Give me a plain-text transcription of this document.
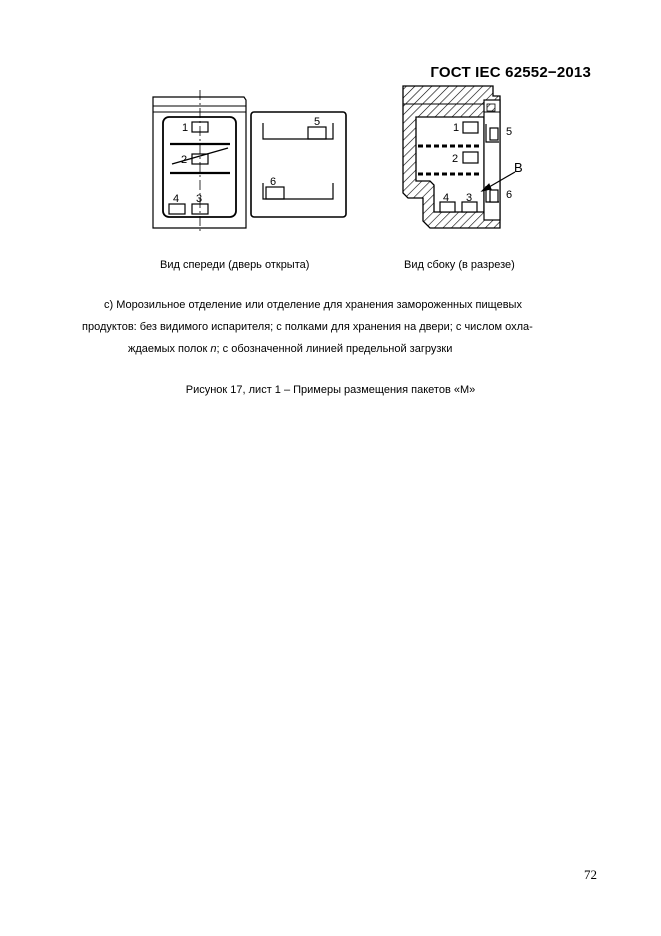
ГОСТ IEC 62552−2013
1
2
3
4
5
6
1
2
3
4
5
6
B
Вид спереди (дверь открыта)	Вид сбоку (в разрезе)
c) Морозильное отделение или отделение для хранения замороженных пищевых
продуктов: без видимого испарителя; с полками для хранения на двери; с числом охла-
ждаемых полок n; с обозначенной линией предельной загрузки
Рисунок 17, лист 1 – Примеры размещения пакетов «М»
72
